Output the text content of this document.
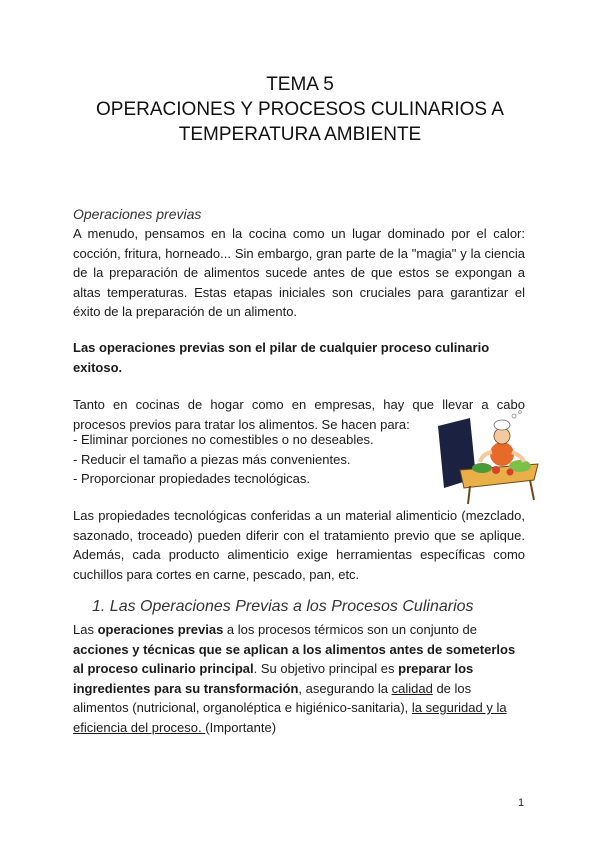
TEMA 5
OPERACIONES Y PROCESOS CULINARIOS A
TEMPERATURA AMBIENTE
Operaciones previas
A menudo, pensamos en la cocina como un lugar dominado por el calor: cocción, fritura, horneado... Sin embargo, gran parte de la "magia" y la ciencia de la preparación de alimentos sucede antes de que estos se expongan a altas temperaturas. Estas etapas iniciales son cruciales para garantizar el éxito de la preparación de un alimento.
Las operaciones previas son el pilar de cualquier proceso culinario exitoso.
Tanto en cocinas de hogar como en empresas, hay que llevar a cabo procesos previos para tratar los alimentos. Se hacen para:
- Eliminar porciones no comestibles o no deseables.
- Reducir el tamaño a piezas más convenientes.
- Proporcionar propiedades tecnológicas.
Las propiedades tecnológicas conferidas a un material alimenticio (mezclado, sazonado, troceado) pueden diferir con el tratamiento previo que se aplique. Además, cada producto alimenticio exige herramientas específicas como cuchillos para cortes en carne, pescado, pan, etc.
1. Las Operaciones Previas a los Procesos Culinarios
Las operaciones previas a los procesos térmicos son un conjunto de acciones y técnicas que se aplican a los alimentos antes de someterlos al proceso culinario principal. Su objetivo principal es preparar los ingredientes para su transformación, asegurando la calidad de los alimentos (nutricional, organoléptica e higiénico-sanitaria), la seguridad y la eficiencia del proceso. (Importante)
1
